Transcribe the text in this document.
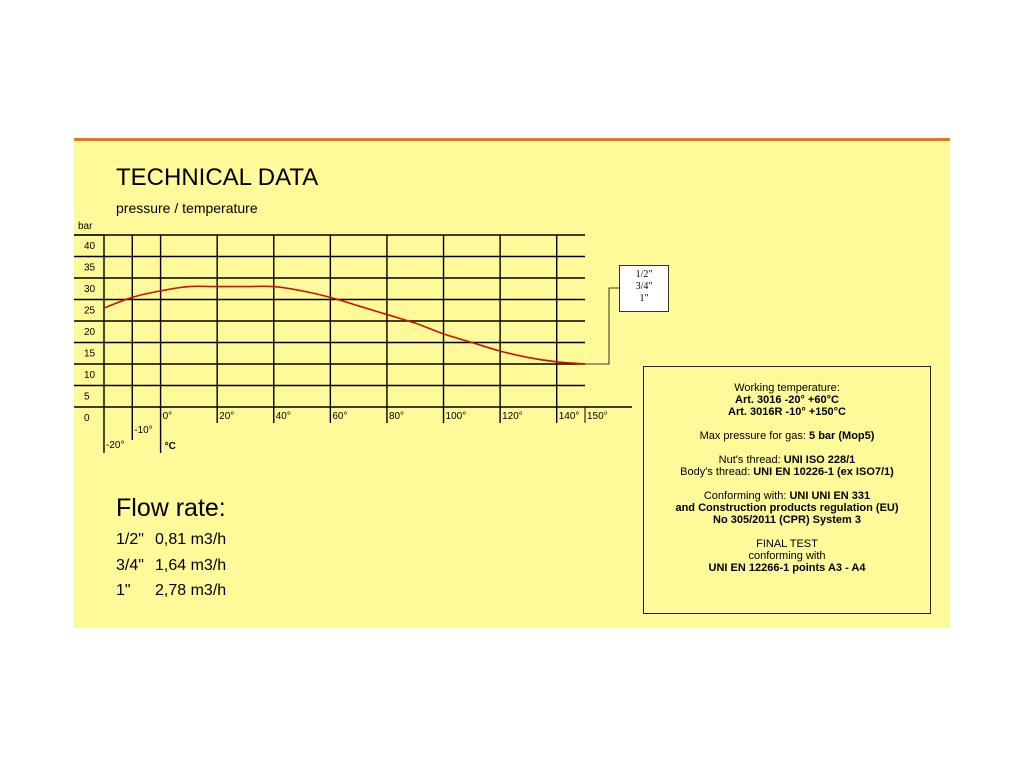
TECHNICAL DATA
pressure / temperature
bar
40
35
30
25
20
15
10
5
0
-20°
-10°
0°	20°	40°	60°	80°	100°	120°	140° 150°
°C
1/2"
3/4"
1"
Flow rate:
1/2" 0,81 m3/h
3/4" 1,64 m3/h
1" 2,78 m3/h
Working temperature:
Art. 3016 -20° +60°C
Art. 3016R -10° +150°C
Max pressure for gas: 5 bar (Mop5)
Nut's thread: UNI ISO 228/1
Body's thread: UNI EN 10226-1 (ex ISO7/1)
Conforming with: UNI UNI EN 331
and Construction products regulation (EU)
No 305/2011 (CPR) System 3
FINAL TEST
conforming with
UNI EN 12266-1 points A3 - A4
